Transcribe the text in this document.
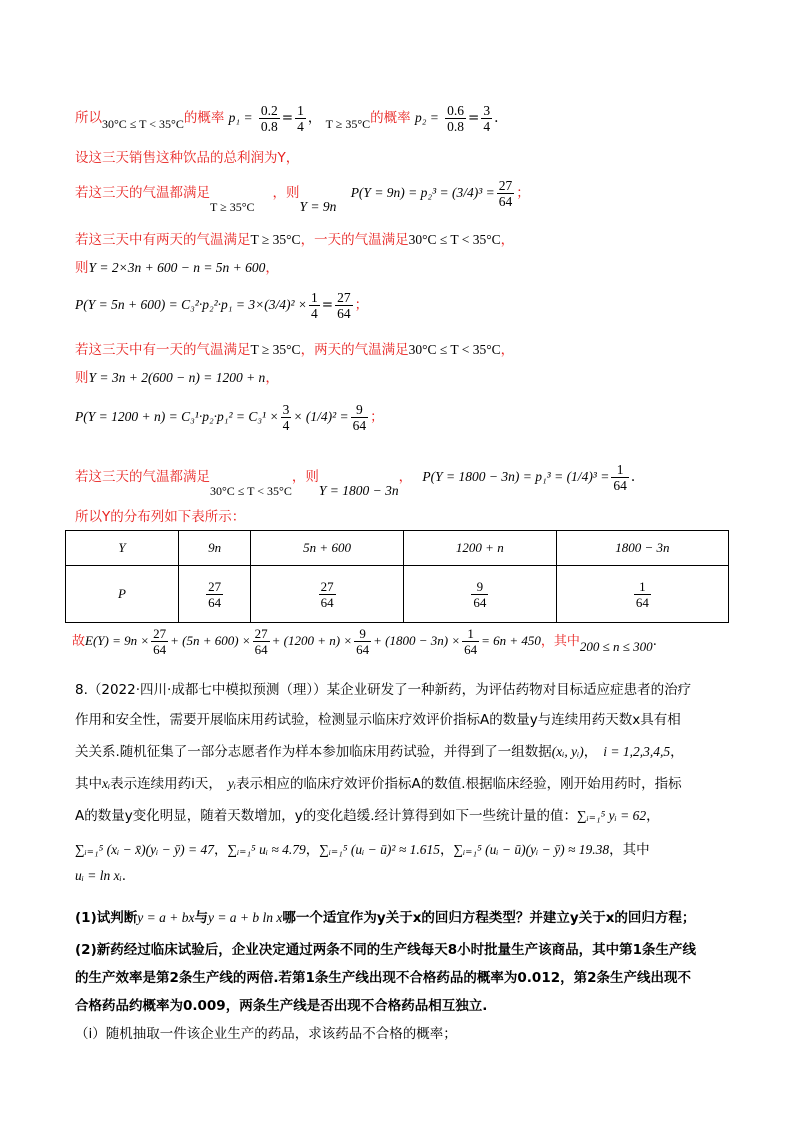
所以30°C ≤ T < 35°C的概率 $p_1 = \frac{0.2}{0.8} = \frac{1}{4}$ ， T ≥ 35°C的概率 $p_2 = \frac{0.6}{0.8} = \frac{3}{4}$ .
设这三天销售这种饮品的总利润为Y，
若这三天的气温都满足T ≥ 35°C，则Y = 9n $P(Y = 9n) = p_2^3 = (3/4)^3 = \frac{27}{64}$ ；
若这三天中有两天的气温满足T ≥ 35°C，一天的气温满足30°C ≤ T < 35°C，
则Y = 2×3n + 600 − n = 5n + 600，
$P(Y = 5n + 600) = C_3^2\cdot p_2^2\cdot p_1 = 3\times(3/4)^2 \times \frac{1}{4} = \frac{27}{64}$ ；
若这三天中有一天的气温满足T ≥ 35°C，两天的气温满足30°C ≤ T < 35°C，
则Y = 3n + 2(600 − n) = 1200 + n，
$P(Y = 1200 + n) = C_3^1\cdot p_2\cdot p_1^2 = C_3^1 \times \frac{3}{4} \times (1/4)^2 = \frac{9}{64}$ ；
若这三天的气温都满足30°C ≤ T < 35°C，则Y = 1800 − 3n， $P(Y = 1800 - 3n) = p_1^3 = (1/4)^3 = \frac{1}{64}$ .
所以Y的分布列如下表所示：
Y	9n	5n + 600	1200 + n	1800 − 3n
P	$\frac{27}{64}$	$\frac{27}{64}$	$\frac{9}{64}$	$\frac{1}{64}$
故$E(Y) = 9n \times \frac{27}{64} + (5n + 600) \times \frac{27}{64} + (1200 + n) \times \frac{9}{64} + (1800 - 3n) \times \frac{1}{64} = 6n + 450$，其中200 ≤ n ≤ 300.
8.（2022·四川·成都七中模拟预测（理））某企业研发了一种新药，为评估药物对目标适应症患者的治疗
作用和安全性，需要开展临床用药试验，检测显示临床疗效评价指标A的数量y与连续用药天数x具有相
关关系.随机征集了一部分志愿者作为样本参加临床用药试验，并得到了一组数据(xᵢ, yᵢ)， i = 1,2,3,4,5，
其中xᵢ表示连续用药i天， yᵢ表示相应的临床疗效评价指标A的数值.根据临床经验，刚开始用药时，指标
A的数量y变化明显，随着天数增加，y的变化趋缓.经计算得到如下一些统计量的值：∑ᵢ₌₁⁵ yᵢ = 62，
∑ᵢ₌₁⁵ (xᵢ − x̄)(yᵢ − ȳ) = 47，∑ᵢ₌₁⁵ uᵢ ≈ 4.79，∑ᵢ₌₁⁵ (uᵢ − ū)² ≈ 1.615，∑ᵢ₌₁⁵ (uᵢ − ū)(yᵢ − ȳ) ≈ 19.38，其中
uᵢ = ln xᵢ.
(1)试判断y = a + bx与y = a + b ln x哪一个适宜作为y关于x的回归方程类型？并建立y关于x的回归方程；
(2)新药经过临床试验后，企业决定通过两条不同的生产线每天8小时批量生产该商品，其中第1条生产线
的生产效率是第2条生产线的两倍.若第1条生产线出现不合格药品的概率为0.012，第2条生产线出现不
合格药品约概率为0.009，两条生产线是否出现不合格药品相互独立.
（i）随机抽取一件该企业生产的药品，求该药品不合格的概率；
